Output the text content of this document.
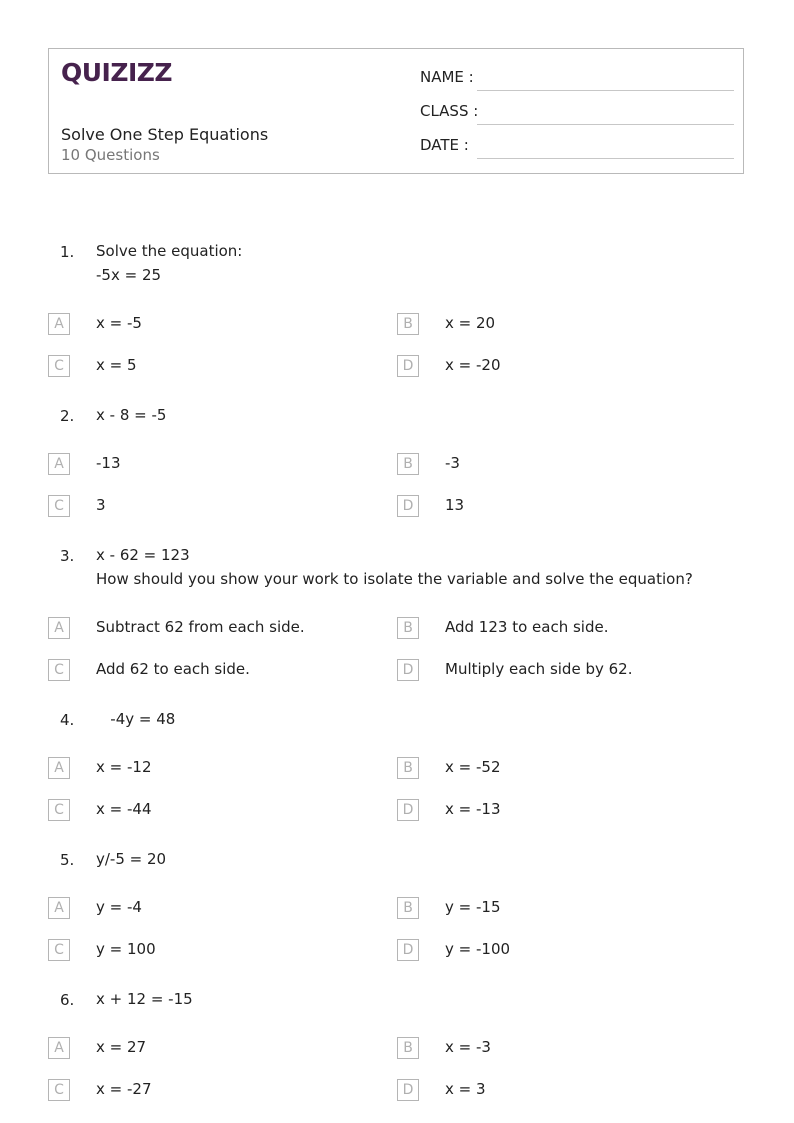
QUIZIZZ
Solve One Step Equations
10 Questions
NAME :
CLASS :
DATE :
1. Solve the equation:
-5x = 25
A	x = -5	B	x = 20
C	x = 5	D	x = -20
2. x - 8 = -5
A	-13	B	-3
C	3	D	13
3. x - 62 = 123
How should you show your work to isolate the variable and solve the equation?
A	Subtract 62 from each side.	B	Add 123 to each side.
C	Add 62 to each side.	D	Multiply each side by 62.
4. -4y = 48
A	x = -12	B	x = -52
C	x = -44	D	x = -13
5. y/-5 = 20
A	y = -4	B	y = -15
C	y = 100	D	y = -100
6. x + 12 = -15
A	x = 27	B	x = -3
C	x = -27	D	x = 3
